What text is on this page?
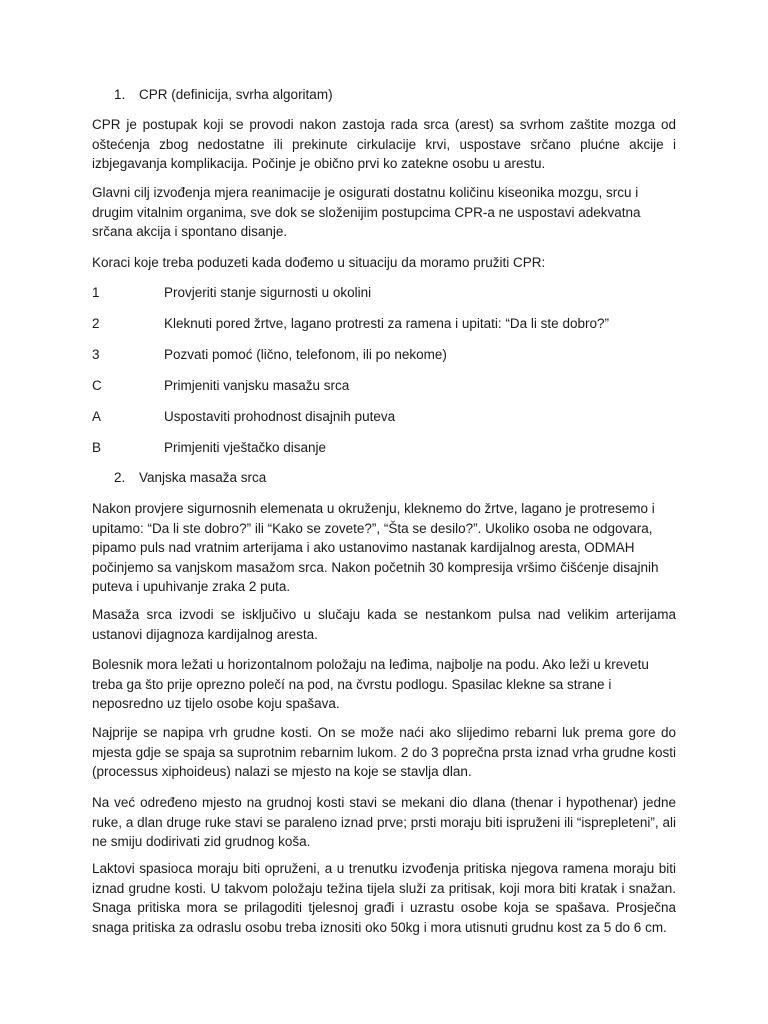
1. CPR (definicija, svrha algoritam)

CPR je postupak koji se provodi nakon zastoja rada srca (arest) sa svrhom zaštite mozga od oštećenja zbog nedostatne ili prekinute cirkulacije krvi, uspostave srčano plućne akcije i izbjegavanja komplikacija. Počinje je obično prvi ko zatekne osobu u arestu.

Glavni cilj izvođenja mjera reanimacije je osigurati dostatnu količinu kiseonika mozgu, srcu i drugim vitalnim organima, sve dok se složenijim postupcima CPR-a ne uspostavi adekvatna srčana akcija i spontano disanje.

Koraci koje treba poduzeti kada dođemo u situaciju da moramo pružiti CPR:

1	Provjeriti stanje sigurnosti u okolini
2	Kleknuti pored žrtve, lagano protresti za ramena i upitati: “Da li ste dobro?”
3	Pozvati pomoć (lično, telefonom, ili po nekome)
C	Primjeniti vanjsku masažu srca
A	Uspostaviti prohodnost disajnih puteva
B	Primjeniti vještačko disanje
2. Vanjska masaža srca

Nakon provjere sigurnosnih elemenata u okruženju, kleknemo do žrtve, lagano je protresemo i upitamo: “Da li ste dobro?” ili “Kako se zovete?”, “Šta se desilo?”. Ukoliko osoba ne odgovara, pipamo puls nad vratnim arterijama i ako ustanovimo nastanak kardijalnog aresta, ODMAH počinjemo sa vanjskom masažom srca. Nakon početnih 30 kompresija vršimo čišćenje disajnih puteva i upuhivanje zraka 2 puta.

Masaža srca izvodi se isključivo u slučaju kada se nestankom pulsa nad velikim arterijama ustanovi dijagnoza kardijalnog aresta.

Bolesnik mora ležati u horizontalnom položaju na leđima, najbolje na podu. Ako leži u krevetu treba ga što prije oprezno polečí na pod, na čvrstu podlogu. Spasilac klekne sa strane i neposredno uz tijelo osobe koju spašava.

Najprije se napipa vrh grudne kosti. On se može naći ako slijedimo rebarni luk prema gore do mjesta gdje se spaja sa suprotnim rebarnim lukom. 2 do 3 poprečna prsta iznad vrha grudne kosti (processus xiphoideus) nalazi se mjesto na koje se stavlja dlan.

Na već određeno mjesto na grudnoj kosti stavi se mekani dio dlana (thenar i hypothenar) jedne ruke, a dlan druge ruke stavi se paraleno iznad prve; prsti moraju biti ispruženi ili “isprepleteni”, ali ne smiju dodirivati zid grudnog koša.

Laktovi spasioca moraju biti opruženi, a u trenutku izvođenja pritiska njegova ramena moraju biti iznad grudne kosti. U takvom položaju težina tijela služi za pritisak, koji mora biti kratak i snažan. Snaga pritiska mora se prilagoditi tjelesnoj građi i uzrastu osobe koja se spašava. Prosječna snaga pritiska za odraslu osobu treba iznositi oko 50kg i mora utisnuti grudnu kost za 5 do 6 cm.
